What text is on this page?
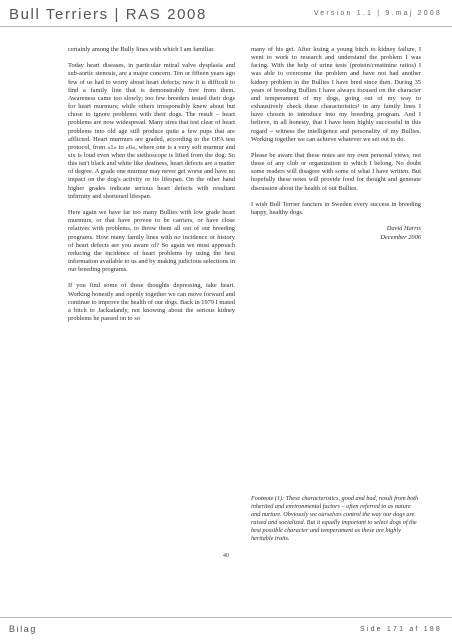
Bull Terriers | RAS 2008	Version 1.1 | 9.maj 2008

certainly among the Bully lines with which I am familiar.

Today heart diseases, in particular mitral valve dysplasia and sub-aortic stenosis, are a major concern. Ten or fifteen years ago few of us had to worry about heart defects; now it is difficult to find a family line that is demonstrably free from them. Awareness came too slowly; too few breeders tested their dogs for heart murmurs; while others irresponsibly knew about but chose to ignore problems with their dogs. The result – heart problems are now widespread. Many sires that test clear of heart problems into old age still produce quite a few pups that are afflicted. Heart murmurs are graded, according to the OFA test protocol, from «1» to «6», where one is a very soft murmur and six is loud even when the stethoscope is lifted from the dog. So this isn't black and white like deafness, heart defects are a matter of degree. A grade one murmur may never get worse and have no impact on the dog's activity or its lifespan. On the other hand higher grades indicate serious heart defects with resultant infirmity and shortened lifespan.

Here again we have far too many Bullies with low grade heart murmurs, or that have proven to be carriers, or have close relatives with problems, to throw them all out of our breeding programs. How many family lines with no incidence or history of heart defects are you aware of? So again we must approach reducing the incidence of heart problems by using the best information available to us and by making judicious selections in our breeding programs.

If you find some of these thoughts depressing, take heart. Working honestly and openly together we can move forward and continue to improve the health of our dogs. Back in 1979 I mated a bitch to Jackadandy, not knowing about the serious kidney problems he passed on to so

many of his get. After losing a young bitch to kidney failure, I went to work to research and understand the problem I was facing. With the help of urine tests (protein/creatinine ratios) I was able to overcome the problem and have not had another kidney problem in the Bullies I have bred since then. During 35 years of breeding Bullies I have always focused on the character and temperament of my dogs, going out of my way to exhaustively check these characteristics¹ in any family lines I have chosen to introduce into my breeding program. And I believe, in all honesty, that I have been highly successful in this regard – witness the intelligence and personality of my Bullies. Working together we can achieve whatever we set out to do.

Please be aware that these notes are my own personal views, not those of any club or organization to which I belong. No doubt some readers will disagree with some of what I have written. But hopefully these notes will provide food for thought and generate discussion about the health of out Bullies.

I wish Bull Terrier fanciers in Sweden every success in breeding happy, healthy dogs.

David Harris

December 2006

Footnote (1): These characteristics, good and bad, result from both inherited and environmental factors – often referred to as nature and nurture. Obviously we ourselves control the way our dogs are raised and socialized. But it equally important to select dogs of the best possible character and temperament as these are highly heritable traits.
40
Bilag	Side 171 af 188
